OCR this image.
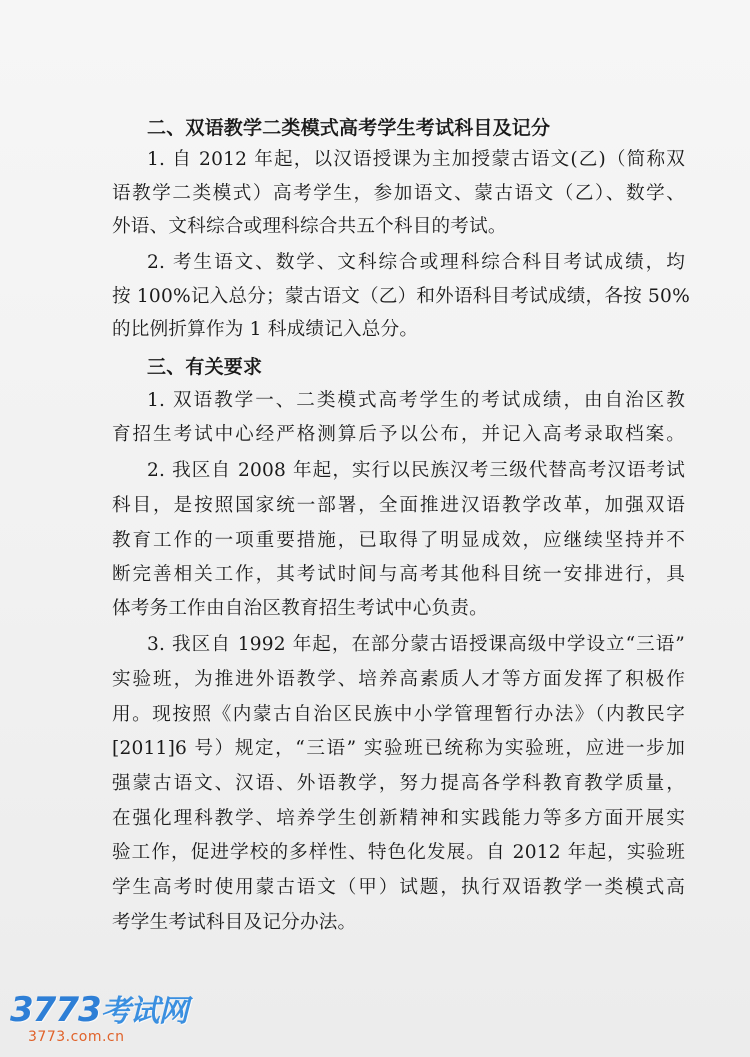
二、双语教学二类模式高考学生考试科目及记分
1. 自 2012 年起，以汉语授课为主加授蒙古语文(乙)（简称双
语教学二类模式）高考学生，参加语文、蒙古语文（乙）、数学、
外语、文科综合或理科综合共五个科目的考试。
2. 考生语文、数学、文科综合或理科综合科目考试成绩，均
按 100%记入总分；蒙古语文（乙）和外语科目考试成绩，各按 50%
的比例折算作为 1 科成绩记入总分。
三、有关要求
1. 双语教学一、二类模式高考学生的考试成绩，由自治区教
育招生考试中心经严格测算后予以公布，并记入高考录取档案。
2. 我区自 2008 年起，实行以民族汉考三级代替高考汉语考试
科目，是按照国家统一部署，全面推进汉语教学改革，加强双语
教育工作的一项重要措施，已取得了明显成效，应继续坚持并不
断完善相关工作，其考试时间与高考其他科目统一安排进行，具
体考务工作由自治区教育招生考试中心负责。
3. 我区自 1992 年起，在部分蒙古语授课高级中学设立“三语”
实验班，为推进外语教学、培养高素质人才等方面发挥了积极作
用。现按照《内蒙古自治区民族中小学管理暂行办法》（内教民字
[2011]6 号）规定，“三语” 实验班已统称为实验班，应进一步加
强蒙古语文、汉语、外语教学，努力提高各学科教育教学质量，
在强化理科教学、培养学生创新精神和实践能力等多方面开展实
验工作，促进学校的多样性、特色化发展。自 2012 年起，实验班
学生高考时使用蒙古语文（甲）试题，执行双语教学一类模式高
考学生考试科目及记分办法。
3773考试网
3773.com.cn
